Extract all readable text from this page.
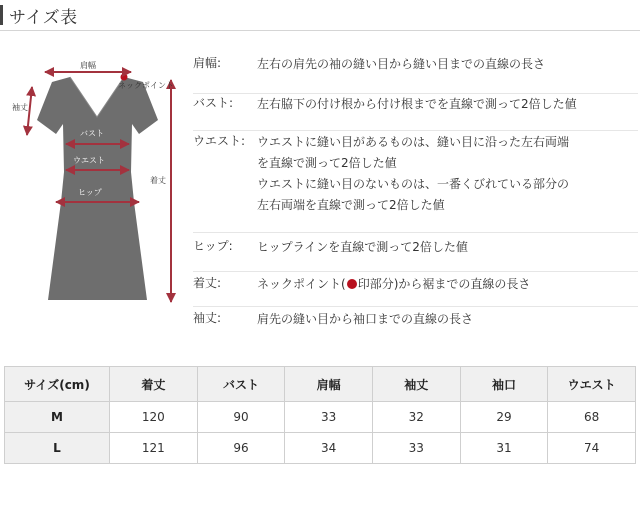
サイズ表
肩幅
ネックポイント
袖丈
着丈
バスト
ウエスト
ヒップ
肩幅:	左右の肩先の袖の縫い目から縫い目までの直線の長さ
バスト: 左右脇下の付け根から付け根までを直線で測って2倍した値
ウエスト: ウエストに縫い目があるものは、縫い目に沿った左右両端
を直線で測って2倍した値
ウエストに縫い目のないものは、一番くびれている部分の
左右両端を直線で測って2倍した値
ヒップ: ヒップラインを直線で測って2倍した値
着丈:	ネックポイント( 印部分)から裾までの直線の長さ
袖丈:	肩先の縫い目から袖口までの直線の長さ
サイズ(cm)	着丈	バスト	肩幅	袖丈	袖口	ウエスト
M	120	90	33	32	29	68
L	121	96	34	33	31	74
